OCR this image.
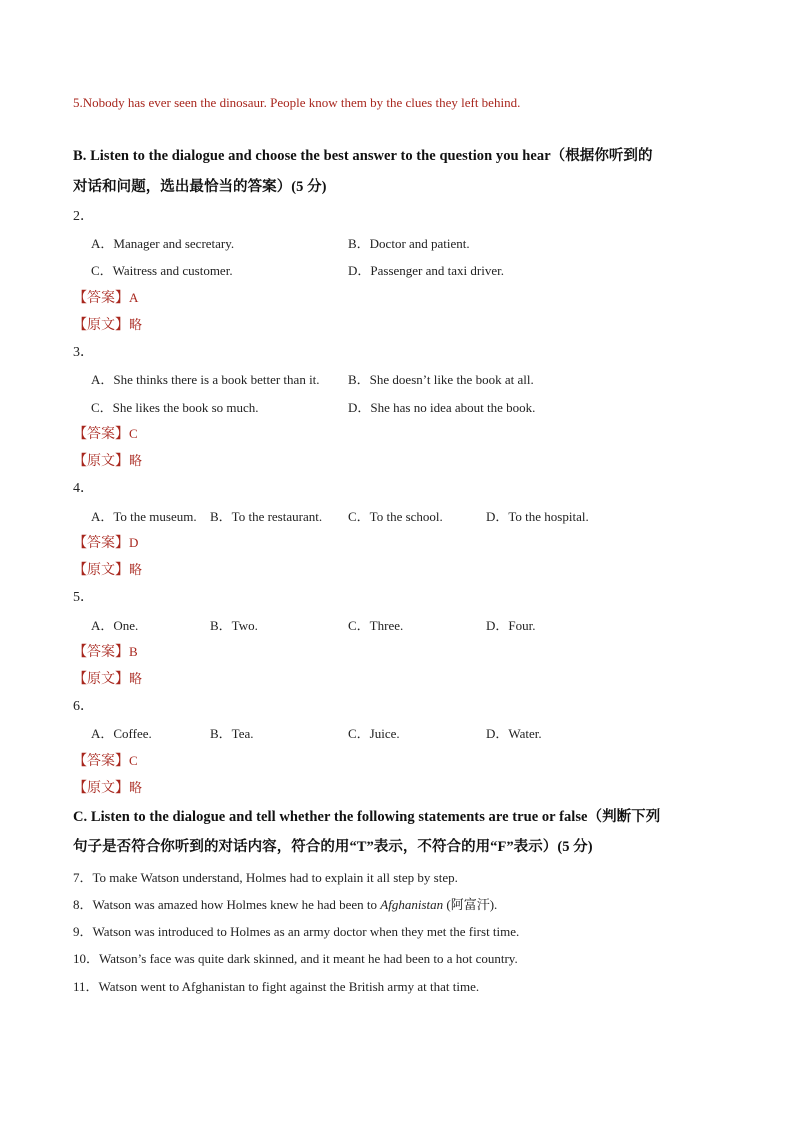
5.Nobody has ever seen the dinosaur. People know them by the clues they left behind.
B. Listen to the dialogue and choose the best answer to the question you hear（根据你听到的
对话和问题，选出最恰当的答案）(5 分)
2．
A．Manager and secretary.	B．Doctor and patient.
C．Waitress and customer.	D．Passenger and taxi driver.
【答案】A
【原文】略
3．
A．She thinks there is a book better than it. B．She doesn’t like the book at all.
C．She likes the book so much.	D．She has no idea about the book.
【答案】C
【原文】略
4．
A．To the museum. B．To the restaurant. C．To the school.	D．To the hospital.
【答案】D
【原文】略
5．
A．One.	B．Two.	C．Three.	D．Four.
【答案】B
【原文】略
6．
A．Coffee.	B．Tea.	C．Juice.	D．Water.
【答案】C
【原文】略
C. Listen to the dialogue and tell whether the following statements are true or false（判断下列
句子是否符合你听到的对话内容，符合的用“T”表示，不符合的用“F”表示）(5 分)
7．To make Watson understand, Holmes had to explain it all step by step.
8．Watson was amazed how Holmes knew he had been to Afghanistan (阿富汗).
9．Watson was introduced to Holmes as an army doctor when they met the first time.
10．Watson’s face was quite dark skinned, and it meant he had been to a hot country.
11．Watson went to Afghanistan to fight against the British army at that time.
